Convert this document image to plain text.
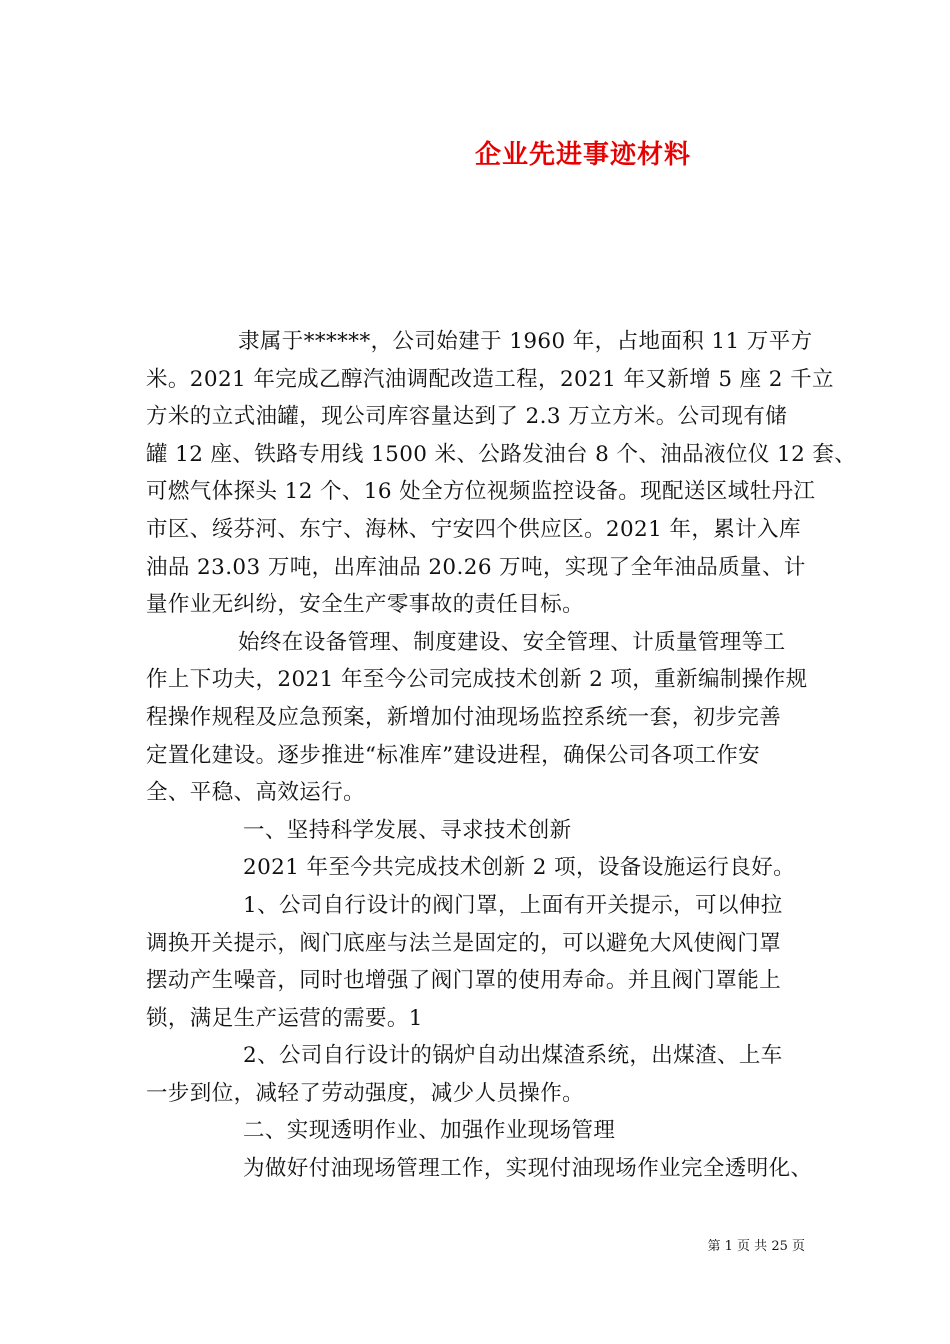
企业先进事迹材料
隶属于******，公司始建于 1960 年，占地面积 11 万平方
米。2021 年完成乙醇汽油调配改造工程，2021 年又新增 5 座 2 千立
方米的立式油罐，现公司库容量达到了 2.3 万立方米。公司现有储
罐 12 座、铁路专用线 1500 米、公路发油台 8 个、油品液位仪 12 套、
可燃气体探头 12 个、16 处全方位视频监控设备。现配送区域牡丹江
市区、绥芬河、东宁、海林、宁安四个供应区。2021 年，累计入库
油品 23.03 万吨，出库油品 20.26 万吨，实现了全年油品质量、计
量作业无纠纷，安全生产零事故的责任目标。
始终在设备管理、制度建设、安全管理、计质量管理等工
作上下功夫，2021 年至今公司完成技术创新 2 项，重新编制操作规
程操作规程及应急预案，新增加付油现场监控系统一套，初步完善
定置化建设。逐步推进“标准库”建设进程，确保公司各项工作安
全、平稳、高效运行。
一、坚持科学发展、寻求技术创新
2021 年至今共完成技术创新 2 项，设备设施运行良好。
1、公司自行设计的阀门罩，上面有开关提示，可以伸拉
调换开关提示，阀门底座与法兰是固定的，可以避免大风使阀门罩
摆动产生噪音，同时也增强了阀门罩的使用寿命。并且阀门罩能上
锁，满足生产运营的需要。1
2、公司自行设计的锅炉自动出煤渣系统，出煤渣、上车
一步到位，减轻了劳动强度，减少人员操作。
二、实现透明作业、加强作业现场管理
为做好付油现场管理工作，实现付油现场作业完全透明化、
第 1 页 共 25 页
